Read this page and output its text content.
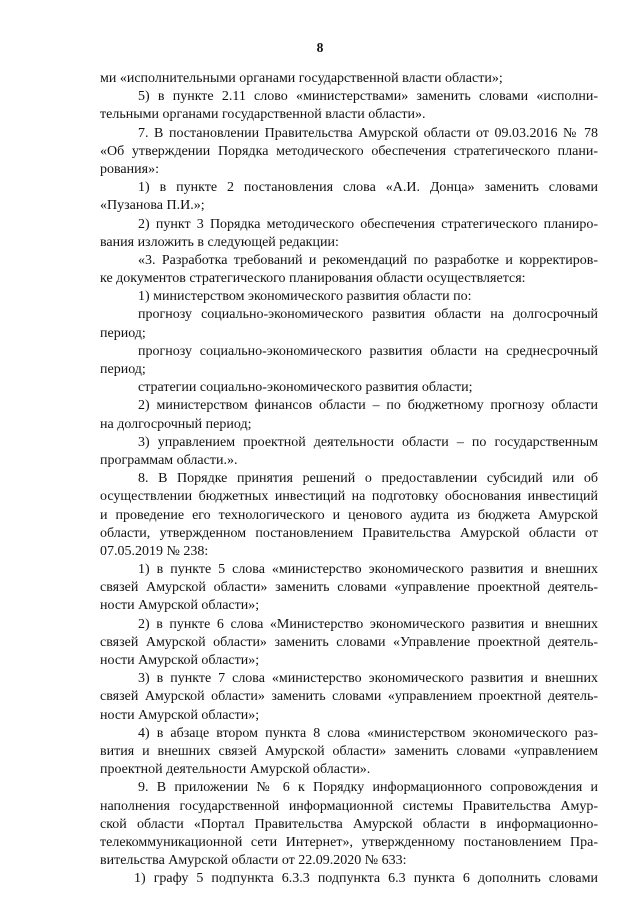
8
ми «исполнительными органами государственной власти области»;
5) в пункте 2.11 слово «министерствами» заменить словами «исполни-
тельными органами государственной власти области».
7. В постановлении Правительства Амурской области от 09.03.2016 № 78
«Об утверждении Порядка методического обеспечения стратегического плани-
рования»:
1) в пункте 2 постановления слова «А.И. Донца» заменить словами
«Пузанова П.И.»;
2) пункт 3 Порядка методического обеспечения стратегического планиро-
вания изложить в следующей редакции:
«3. Разработка требований и рекомендаций по разработке и корректиров-
ке документов стратегического планирования области осуществляется:
1) министерством экономического развития области по:
прогнозу социально-экономического развития области на долгосрочный
период;
прогнозу социально-экономического развития области на среднесрочный
период;
стратегии социально-экономического развития области;
2) министерством финансов области – по бюджетному прогнозу области
на долгосрочный период;
3) управлением проектной деятельности области – по государственным
программам области.».
8. В Порядке принятия решений о предоставлении субсидий или об
осуществлении бюджетных инвестиций на подготовку обоснования инвестиций
и проведение его технологического и ценового аудита из бюджета Амурской
области, утвержденном постановлением Правительства Амурской области от
07.05.2019 № 238:
1) в пункте 5 слова «министерство экономического развития и внешних
связей Амурской области» заменить словами «управление проектной деятель-
ности Амурской области»;
2) в пункте 6 слова «Министерство экономического развития и внешних
связей Амурской области» заменить словами «Управление проектной деятель-
ности Амурской области»;
3) в пункте 7 слова «министерство экономического развития и внешних
связей Амурской области» заменить словами «управлением проектной деятель-
ности Амурской области»;
4) в абзаце втором пункта 8 слова «министерством экономического раз-
вития и внешних связей Амурской области» заменить словами «управлением
проектной деятельности Амурской области».
9. В приложении № 6 к Порядку информационного сопровождения и
наполнения государственной информационной системы Правительства Амур-
ской области «Портал Правительства Амурской области в информационно-
телекоммуникационной сети Интернет», утвержденному постановлением Пра-
вительства Амурской области от 22.09.2020 № 633:
1) графу 5 подпункта 6.3.3 подпункта 6.3 пункта 6 дополнить словами
